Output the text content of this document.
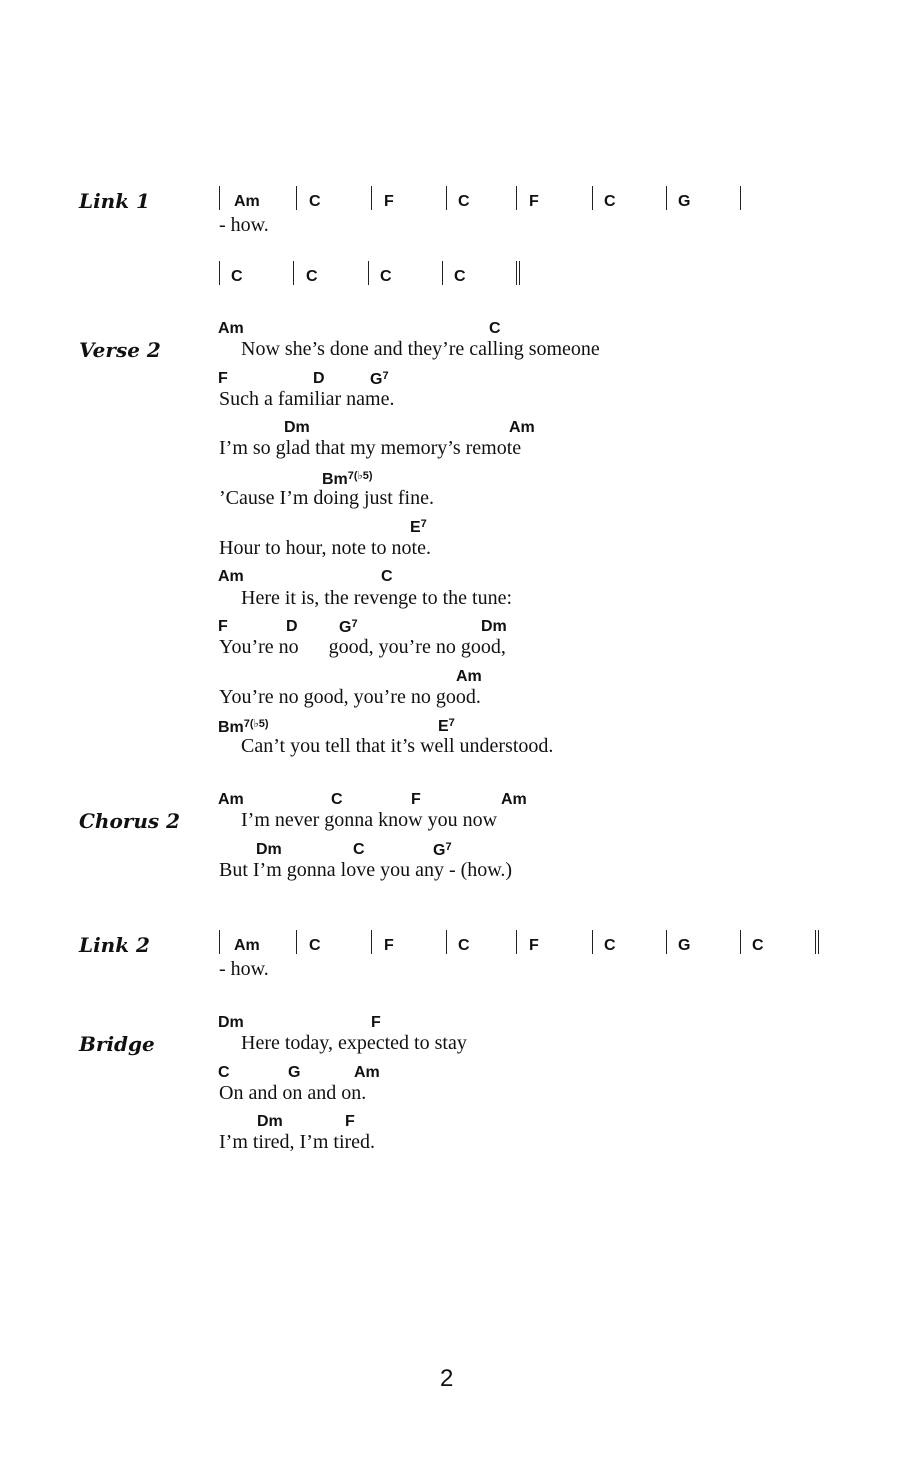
Link 1	Am	C	F	C	F	C	G
- how.
C	C	C	C
Verse 2
Am	C
Now she’s done and they’re calling someone
F	D	$G^7$
Such a familiar name.
Dm	Am
I’m so glad that my memory’s remote
$Bm^{7(♭5)}$
’Cause I’m doing just fine.
$E^7$
Hour to hour, note to note.
Am	C
Here it is, the revenge to the tune:
F	D	$G^7$	Dm
You’re no      good, you’re no good,
Am
You’re no good, you’re no good.
$Bm^{7(♭5)}$	$E^7$
Can’t you tell that it’s well understood.
Chorus 2
Am	C	F	Am
I’m never gonna know you now
Dm	C	$G^7$
But I’m gonna love you any - (how.)
Link 2	Am	C	F	C	F	C	G	C
- how.
Bridge
Dm	F
Here today, expected to stay
C	G	Am
On and on and on.
Dm	F
I’m tired, I’m tired.
2
